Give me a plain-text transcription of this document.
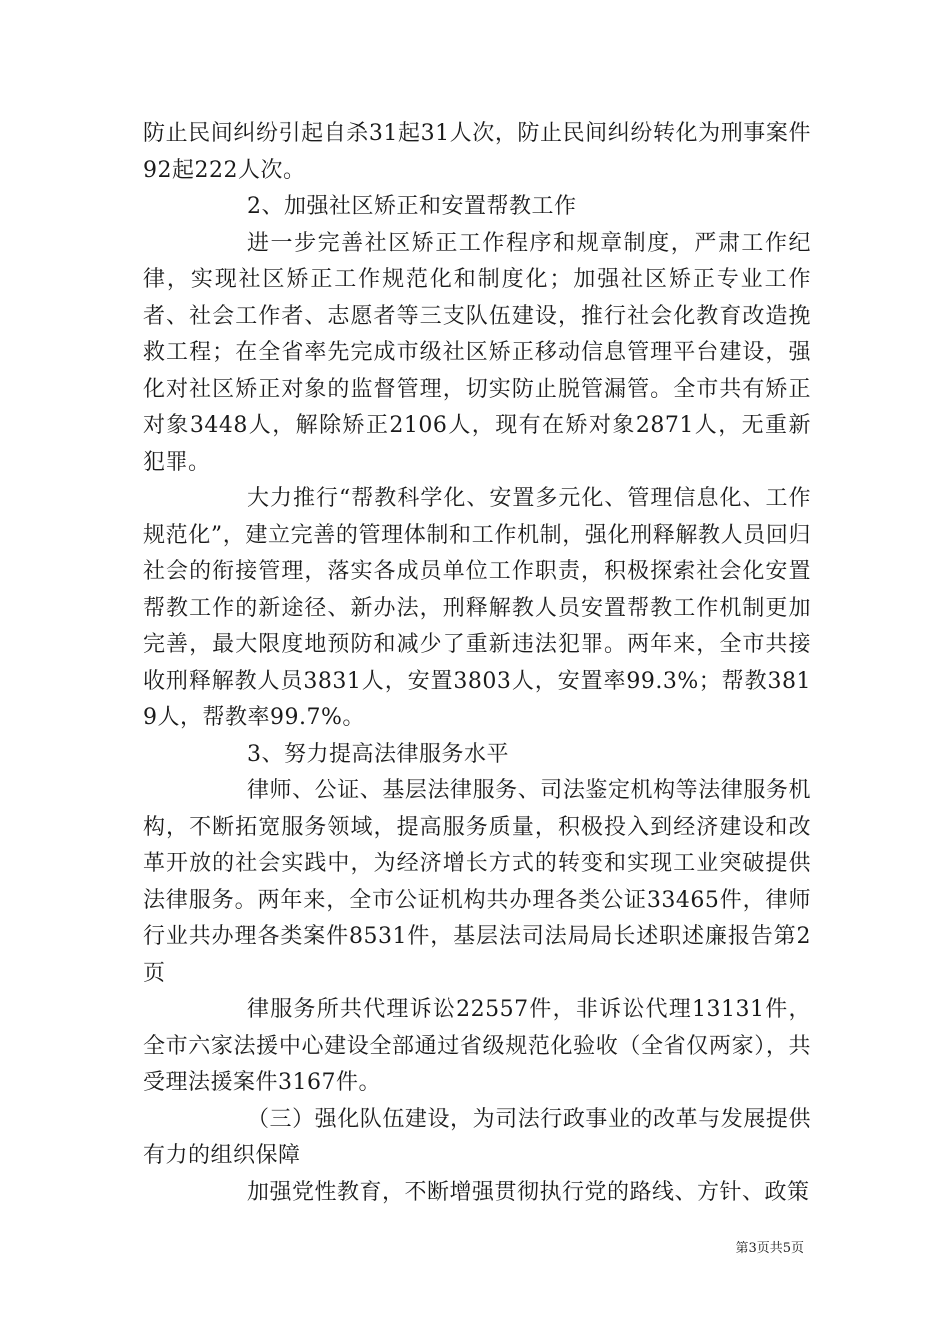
防止民间纠纷引起自杀31起31人次，防止民间纠纷转化为刑事案件92起222人次。

2、加强社区矫正和安置帮教工作

进一步完善社区矫正工作程序和规章制度，严肃工作纪律，实现社区矫正工作规范化和制度化；加强社区矫正专业工作者、社会工作者、志愿者等三支队伍建设，推行社会化教育改造挽救工程；在全省率先完成市级社区矫正移动信息管理平台建设，强化对社区矫正对象的监督管理，切实防止脱管漏管。全市共有矫正对象3448人，解除矫正2106人，现有在矫对象2871人，无重新犯罪。

大力推行“帮教科学化、安置多元化、管理信息化、工作规范化”，建立完善的管理体制和工作机制，强化刑释解教人员回归社会的衔接管理，落实各成员单位工作职责，积极探索社会化安置帮教工作的新途径、新办法，刑释解教人员安置帮教工作机制更加完善，最大限度地预防和减少了重新违法犯罪。两年来，全市共接收刑释解教人员3831人，安置3803人，安置率99.3%；帮教3819人，帮教率99.7%。

3、努力提高法律服务水平

律师、公证、基层法律服务、司法鉴定机构等法律服务机构，不断拓宽服务领域，提高服务质量，积极投入到经济建设和改革开放的社会实践中，为经济增长方式的转变和实现工业突破提供法律服务。两年来，全市公证机构共办理各类公证33465件，律师行业共办理各类案件8531件，基层法司法局局长述职述廉报告第2页

律服务所共代理诉讼22557件，非诉讼代理13131件，全市六家法援中心建设全部通过省级规范化验收（全省仅两家），共受理法援案件3167件。

（三）强化队伍建设，为司法行政事业的改革与发展提供有力的组织保障

加强党性教育，不断增强贯彻执行党的路线、方针、政策

第3页共5页
